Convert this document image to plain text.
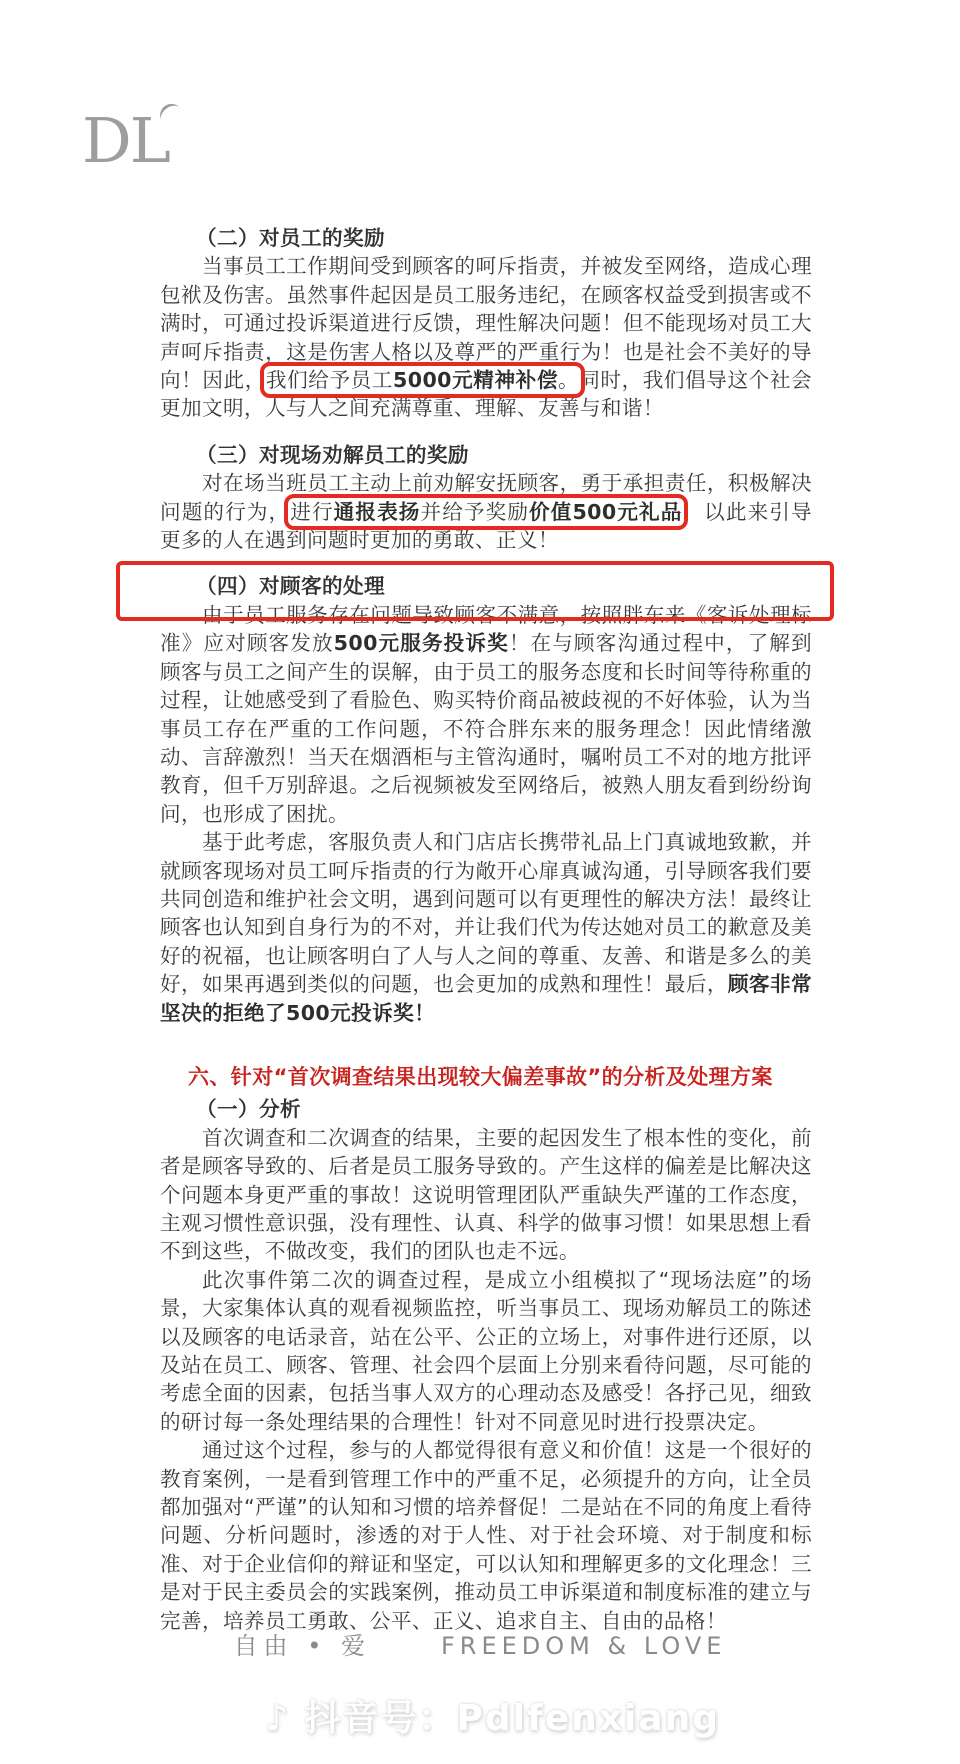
DL
（二）对员工的奖励
当事员工工作期间受到顾客的呵斥指责，并被发至网络，造成心理包袱及伤害。虽然事件起因是员工服务违纪，在顾客权益受到损害或不满时，可通过投诉渠道进行反馈，理性解决问题！但不能现场对员工大声呵斥指责，这是伤害人格以及尊严的严重行为！也是社会不美好的导向！因此，我们给予员工5000元精神补偿。同时，我们倡导这个社会更加文明，人与人之间充满尊重、理解、友善与和谐！
（三）对现场劝解员工的奖励
对在场当班员工主动上前劝解安抚顾客，勇于承担责任，积极解决问题的行为，进行通报表扬并给予奖励价值500元礼品，以此来引导更多的人在遇到问题时更加的勇敢、正义！
（四）对顾客的处理
由于员工服务存在问题导致顾客不满意，按照胖东来《客诉处理标准》应对顾客发放500元服务投诉奖！在与顾客沟通过程中，了解到顾客与员工之间产生的误解，由于员工的服务态度和长时间等待称重的过程，让她感受到了看脸色、购买特价商品被歧视的不好体验，认为当事员工存在严重的工作问题，不符合胖东来的服务理念！因此情绪激动、言辞激烈！当天在烟酒柜与主管沟通时，嘱咐员工不对的地方批评教育，但千万别辞退。之后视频被发至网络后，被熟人朋友看到纷纷询问，也形成了困扰。
基于此考虑，客服负责人和门店店长携带礼品上门真诚地致歉，并就顾客现场对员工呵斥指责的行为敞开心扉真诚沟通，引导顾客我们要共同创造和维护社会文明，遇到问题可以有更理性的解决方法！最终让顾客也认知到自身行为的不对，并让我们代为传达她对员工的歉意及美好的祝福，也让顾客明白了人与人之间的尊重、友善、和谐是多么的美好，如果再遇到类似的问题，也会更加的成熟和理性！最后，顾客非常坚决的拒绝了500元投诉奖！
六、针对“首次调查结果出现较大偏差事故”的分析及处理方案
（一）分析
首次调查和二次调查的结果，主要的起因发生了根本性的变化，前者是顾客导致的、后者是员工服务导致的。产生这样的偏差是比解决这个问题本身更严重的事故！这说明管理团队严重缺失严谨的工作态度，主观习惯性意识强，没有理性、认真、科学的做事习惯！如果思想上看不到这些，不做改变，我们的团队也走不远。
此次事件第二次的调查过程，是成立小组模拟了“现场法庭”的场景，大家集体认真的观看视频监控，听当事员工、现场劝解员工的陈述以及顾客的电话录音，站在公平、公正的立场上，对事件进行还原，以及站在员工、顾客、管理、社会四个层面上分别来看待问题，尽可能的考虑全面的因素，包括当事人双方的心理动态及感受！各抒己见，细致的研讨每一条处理结果的合理性！针对不同意见时进行投票决定。
通过这个过程，参与的人都觉得很有意义和价值！这是一个很好的教育案例，一是看到管理工作中的严重不足，必须提升的方向，让全员都加强对“严谨”的认知和习惯的培养督促！二是站在不同的角度上看待问题、分析问题时，渗透的对于人性、对于社会环境、对于制度和标准、对于企业信仰的辩证和坚定，可以认知和理解更多的文化理念！三是对于民主委员会的实践案例，推动员工申诉渠道和制度标准的建立与完善，培养员工勇敢、公平、正义、追求自主、自由的品格！
自由 • 爱	FREEDOM & LOVE
♪ 抖音号：Pdlfenxiang
